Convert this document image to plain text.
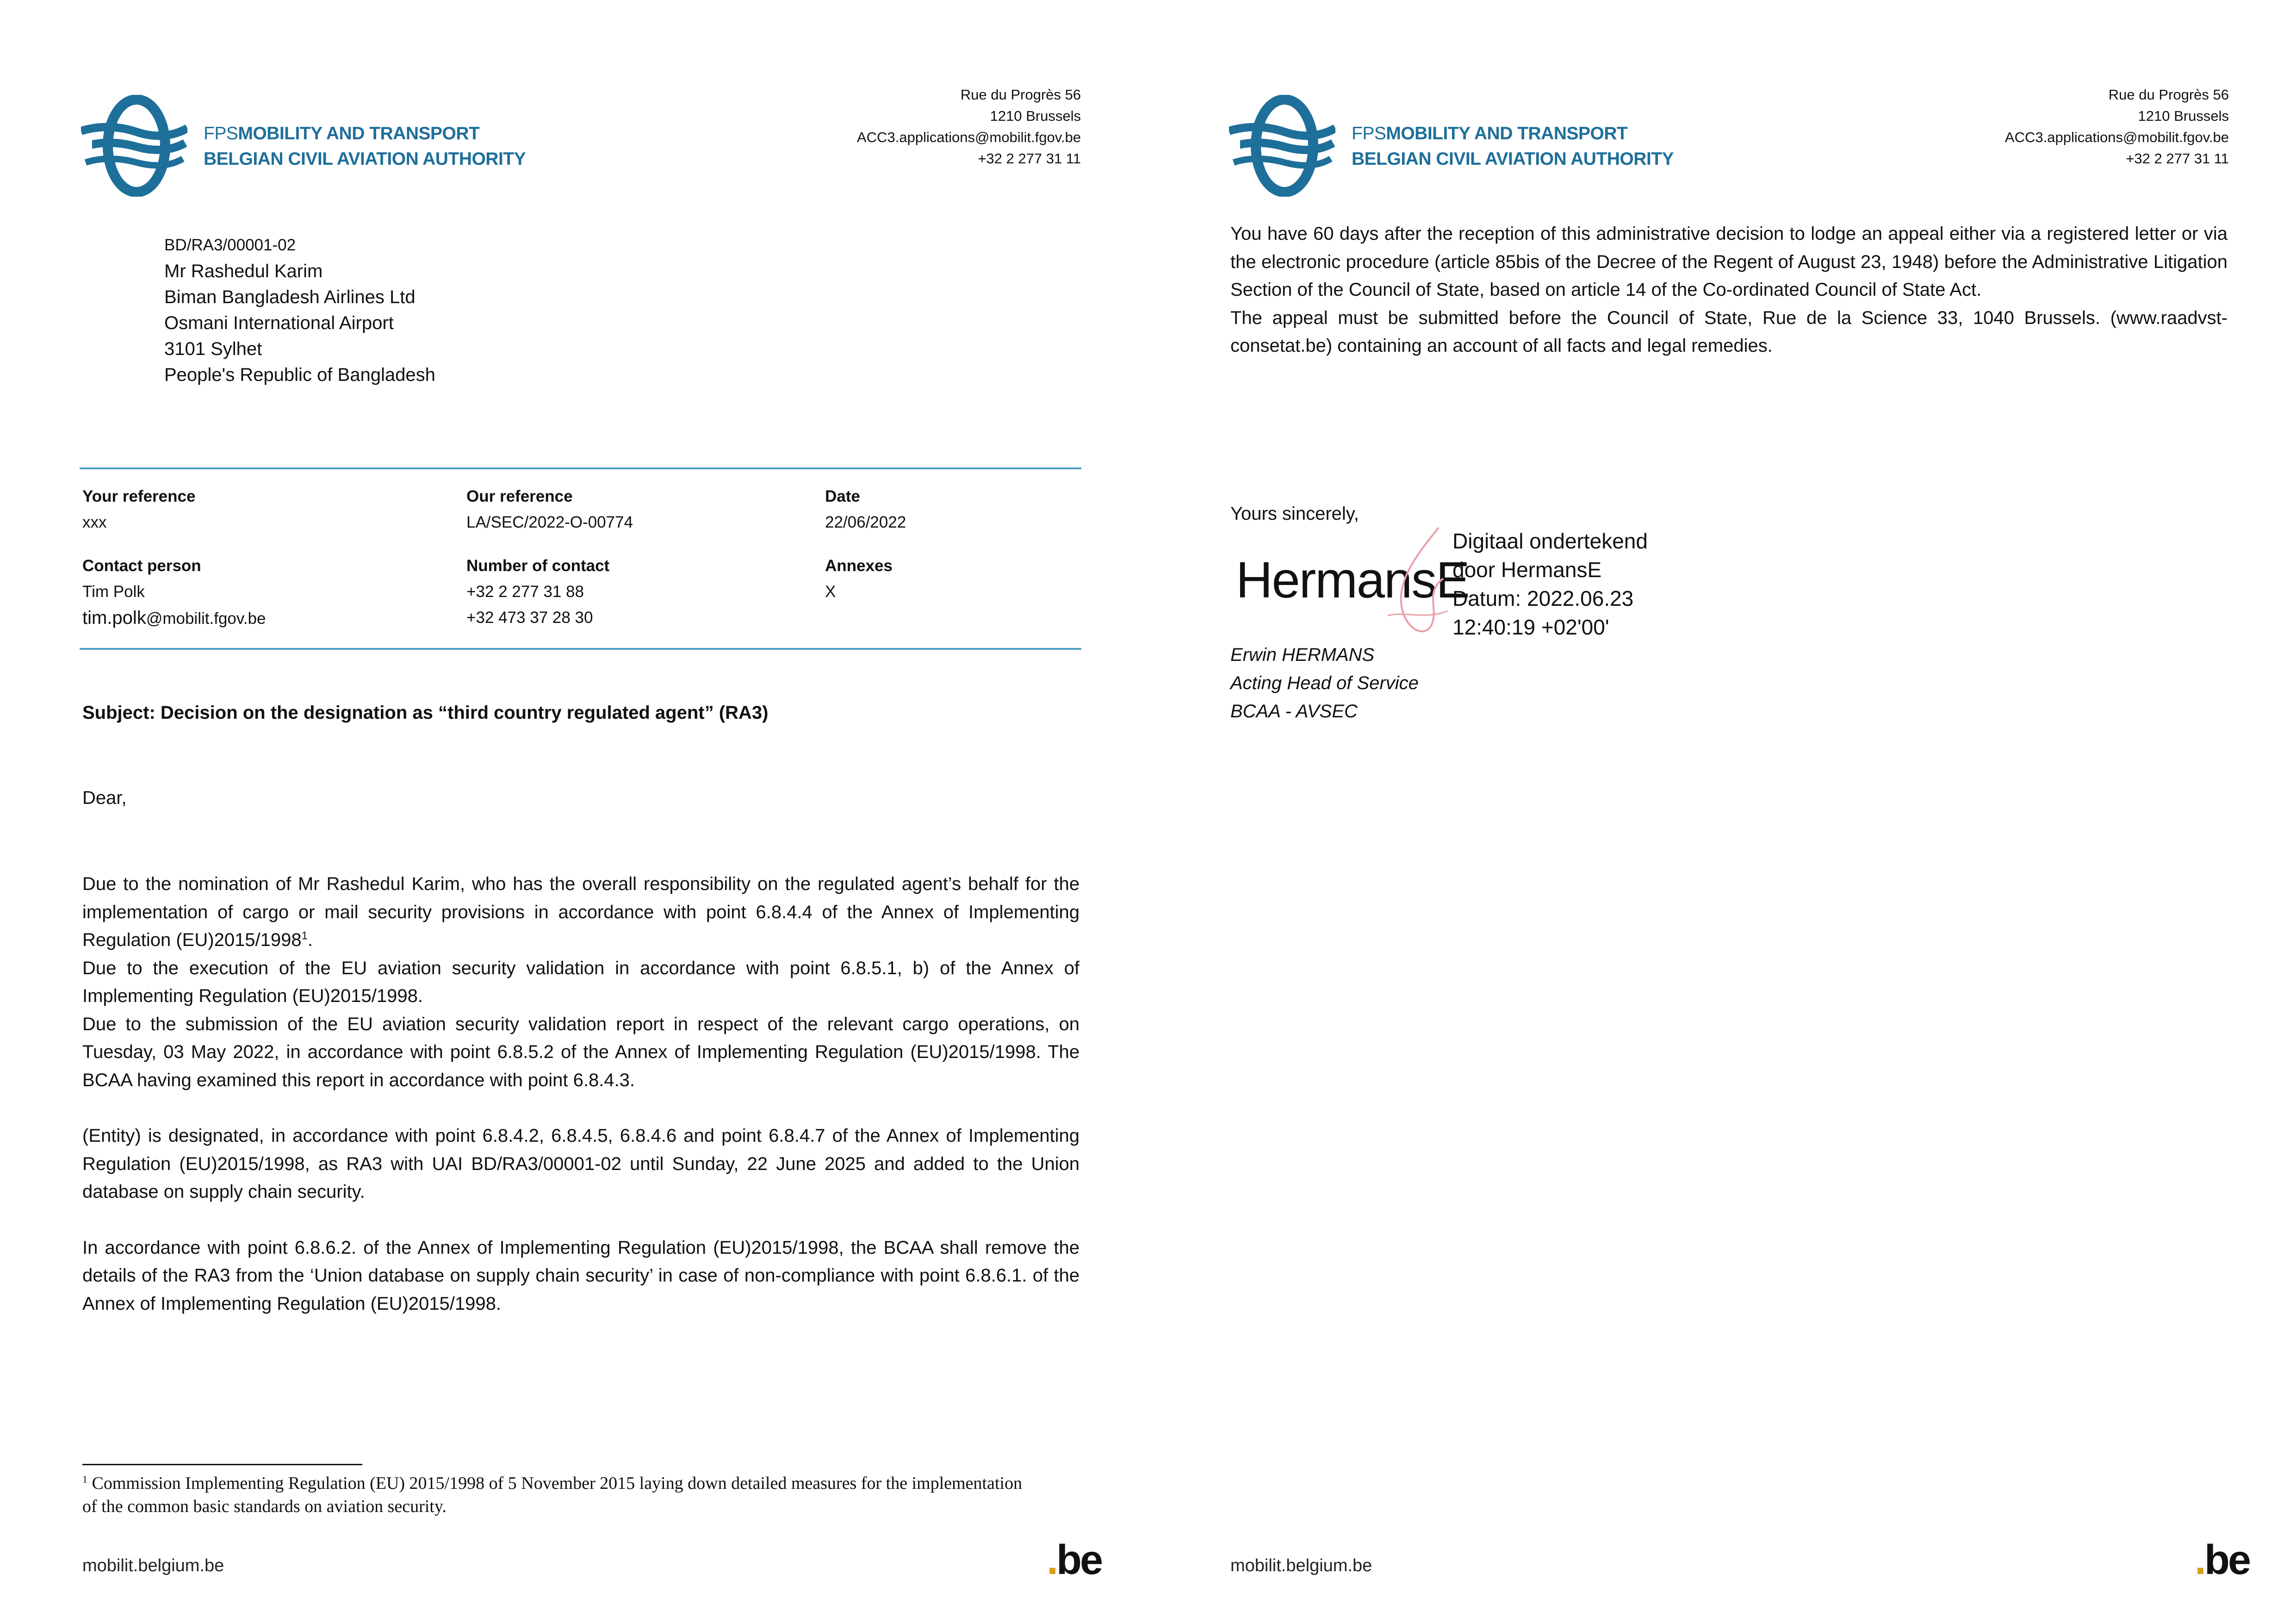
FPSMOBILITY AND TRANSPORT
BELGIAN CIVIL AVIATION AUTHORITY
Rue du Progrès 56
1210 Brussels
ACC3.applications@mobilit.fgov.be
+32 2 277 31 11
BD/RA3/00001-02
Mr Rashedul Karim
Biman Bangladesh Airlines Ltd
Osmani International Airport
3101 Sylhet
People's Republic of Bangladesh
Your reference
xxx
Our reference
LA/SEC/2022-O-00774
Date
22/06/2022
Contact person
Tim Polk
tim.polk@mobilit.fgov.be
Number of contact
+32 2 277 31 88
+32 473 37 28 30
Annexes
X
Subject: Decision on the designation as “third country regulated agent” (RA3)
Dear,

Due to the nomination of Mr Rashedul Karim, who has the overall responsibility on the regulated agent’s behalf for the implementation of cargo or mail security provisions in accordance with point 6.8.4.4 of the Annex of Implementing Regulation (EU)2015/1998$^1$.

Due to the execution of the EU aviation security validation in accordance with point 6.8.5.1, b) of the Annex of Implementing Regulation (EU)2015/1998.

Due to the submission of the EU aviation security validation report in respect of the relevant cargo operations, on Tuesday, 03 May 2022, in accordance with point 6.8.5.2 of the Annex of Implementing Regulation (EU)2015/1998. The BCAA having examined this report in accordance with point 6.8.4.3.

(Entity) is designated, in accordance with point 6.8.4.2, 6.8.4.5, 6.8.4.6 and point 6.8.4.7 of the Annex of Implementing Regulation (EU)2015/1998, as RA3 with UAI BD/RA3/00001-02 until Sunday, 22 June 2025 and added to the Union database on supply chain security.

In accordance with point 6.8.6.2. of the Annex of Implementing Regulation (EU)2015/1998, the BCAA shall remove the details of the RA3 from the ‘Union database on supply chain security’ in case of non-compliance with point 6.8.6.1. of the Annex of Implementing Regulation (EU)2015/1998.

$^1$ Commission Implementing Regulation (EU) 2015/1998 of 5 November 2015 laying down detailed measures for the implementation of the common basic standards on aviation security.
mobilit.belgium.be	.be
FPSMOBILITY AND TRANSPORT
BELGIAN CIVIL AVIATION AUTHORITY
Rue du Progrès 56
1210 Brussels
ACC3.applications@mobilit.fgov.be
+32 2 277 31 11

You have 60 days after the reception of this administrative decision to lodge an appeal either via a registered letter or via the electronic procedure (article 85bis of the Decree of the Regent of August 23, 1948) before the Administrative Litigation Section of the Council of State, based on article 14 of the Co-ordinated Council of State Act.

The appeal must be submitted before the Council of State, Rue de la Science 33, 1040 Brussels. (www.raadvst-consetat.be) containing an account of all facts and legal remedies.

Yours sincerely,
HermansE
Digitaal ondertekend
door HermansE
Datum: 2022.06.23
12:40:19 +02'00'
Erwin HERMANS
Acting Head of Service
BCAA - AVSEC
mobilit.belgium.be	.be
